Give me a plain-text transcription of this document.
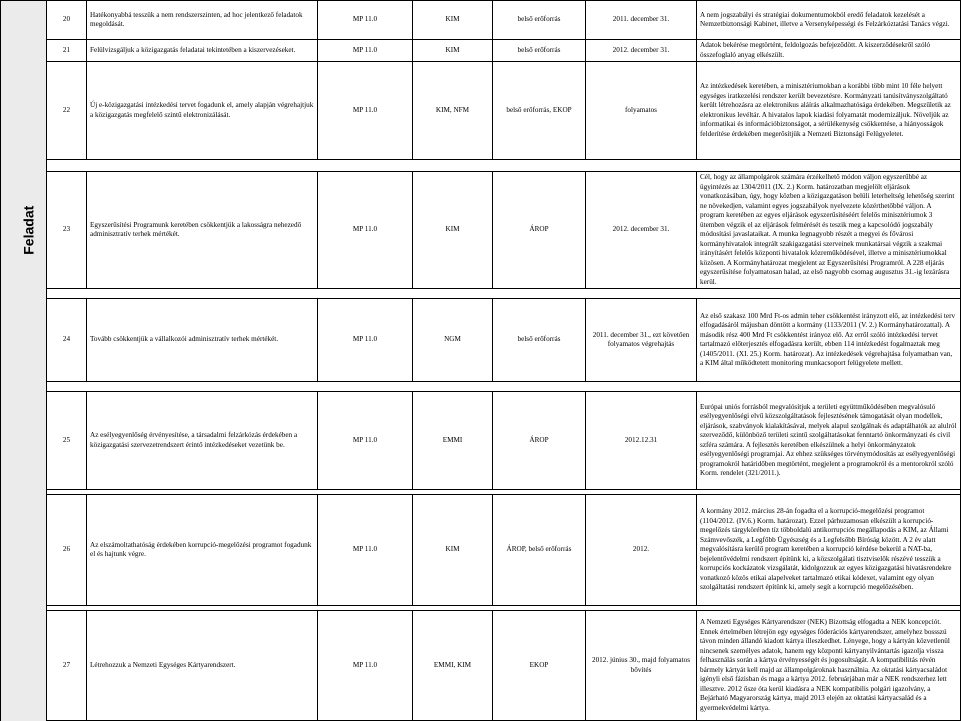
	20	Hatékonyabbá tesszük a nem rendszerszinten, ad hoc jelentkező feladatok megoldását.	MP 11.0	KIM	belső erőforrás	2011. december 31.	A nem jogszabályi és stratégiai dokumentumokból eredő feladatok kezelését a Nemzetbiztonsági Kabinet, illetve a Versenyképességi és Felzárkóztatási Tanács végzi.
	21	Felülvizsgáljuk a közigazgatás feladatai tekintetében a kiszervezéseket.	MP 11.0	KIM	belső erőforrás	2012. december 31.	Adatok bekérése megtörtént, feldolgozás befejeződött. A kiszerződésekről szóló összefoglaló anyag elkészült.
	22	Új e-közigazgatási intézkedési tervet fogadunk el, amely alapján végrehajtjuk a közigazgatás megfelelő szintű elektronizálását.	MP 11.0	KIM, NFM	belső erőforrás, EKOP	folyamatos	Az intézkedések keretében, a minisztériumokban a korábbi több mint 10 féle helyett egységes iratkezelési rendszer került bevezetésre. Kormányzati tanúsítványszolgáltató került létrehozásra az elektronikus aláírás alkalmazhatósága érdekében. Megszűletik az elektronikus levéltár. A hivatalos lapok kiadási folyamatát modernizáljuk. Növeljük az informatikai és információbiztonságot, a sérülékenység csökkentése, a hiányosságok felderítése érdekében megerősítjük a Nemzeti Biztonsági Felügyeletet.

Feladat	23	Egyszerűsítési Programunk keretében csökkentjük a lakosságra nehezedő adminisztratív terhek mértékét.	MP 11.0	KIM	ÁROP	2012. december 31.	Cél, hogy az állampolgárok számára érzékelhető módon váljon egyszerűbbé az ügyintézés az 1304/2011 (IX. 2.) Korm. határozatban megjelölt eljárások vonatkozásában, úgy, hogy közben a közigazgatáson belüli leterheltség lehetőség szerint ne növekedjen, valamint egyes jogszabályok nyelvezete közérthetőbbé váljon. A program keretében az egyes eljárások egyszerűsítéséért felelős minisztériumok 3 ütemben végzik el az eljárások felmérését és teszik meg a kapcsolódó jogszabály módosítási javaslataikat. A munka legnagyobb részét a megyei és fővárosi kormányhivatalok integrált szakigazgatási szerveinek munkatársai végzik a szakmai irányításért felelős központi hivatalok közreműködésével, illetve a minisztériumokkal közösen. A Kormányhatározat megjelent az Egyszerűsítési Programról. A 228 eljárás egyszerűsítése folyamatosan halad, az első nagyobb csomag augusztus 31.-ig lezárásra kerül.

	24	Tovább csökkentjük a vállalkozói adminisztratív terhek mértékét.	MP 11.0	NGM	belső erőforrás	2011. december 31., ezt követően folyamatos végrehajtás	Az első szakasz 100 Mrd Ft-os admin teher csökkentést irányzott elő, az intézkedési terv elfogadásáról májusban döntött a kormány (1133/2011 (V. 2.) Kormányhatározattal). A második rész 400 Mrd Ft csökkentést irányoz elő. Az erről szóló intézkedési tervet tartalmazó előterjesztés elfogadásra került, ebben 114 intézkedést fogalmaztak meg (1405/2011. (XI. 25.) Korm. határozat). Az intézkedések végrehajtása folyamatban van, a KIM által működtetett monitoring munkacsoport felügyelete mellett.

	25	Az esélyegyenlőség érvényesítése, a társadalmi felzárkózás érdekében a közigazgatási szervezetrendszert érintő intézkedéseket vezetünk be.	MP 11.0	EMMI	ÁROP	2012.12.31	Európai uniós forrásból megvalósítjuk a területi együttműködésében megvalósuló esélyegyenlőségi elvű közszolgáltatások fejlesztésének támogatását olyan modellek, eljárások, szabványok kialakításával, melyek alapul szolgálnak és adaptálhatók az alulról szerveződő, különböző területi szintű szolgáltatásokat fenntartó önkormányzati és civil szféra számára. A fejlesztés keretében elkészülnek a helyi önkormányzatok esélyegyenlőségi programjai. Az ehhez szükséges törvénymódosítás az esélyegyenlőségi programokról határidőben megtörtént, megjelent a programokról és a mentorokról szóló Korm. rendelet (321/2011.).

	26	Az elszámoltathatóság érdekében korrupció-megelőzési programot fogadunk el és hajtunk végre.	MP 11.0	KIM	ÁROP, belső erőforrás	2012.	A kormány 2012. március 28-án fogadta el a korrupció-megelőzési programot (1104/2012. (IV.6.) Korm. határozat). Ezzel párhuzamosan elkészült a korrupció-megelőzés tárgykörében tíz többoldalú antikorrupciós megállapodás a KIM, az Állami Számvevőszék, a Legfőbb Ügyészség és a Legfelsőbb Bíróság között. A 2 év alatt megvalósításra kerülő program keretében a korrupció kérdése bekerül a NAT-ba, bejelentővédelmi rendszert építünk ki, a közszolgálati tisztviselők részévé tesszük a korrupciós kockázatok vizsgálatát, kidolgozzuk az egyes közigazgatási hivatásrendekre vonatkozó közös etikai alapelveket tartalmazó etikai kódexet, valamint egy olyan szolgáltatási rendszert építünk ki, amely segít a korrupció megelőzésében.

	27	Létrehozzuk a Nemzeti Egységes Kártyarendszert.	MP 11.0	EMMI, KIM	EKOP	2012. június 30., majd folyamatos bővítés	A Nemzeti Egységes Kártyarendszer (NEK) Bizottság elfogadta a NEK koncepciót. Ennek értelmében létrejön egy egységes föderációs kártyarendszer, amelyhez bossszú távon minden állandó kiadott kártya illeszkedhet. Lényege, hogy a kártyán közvetlenül nincsenek személyes adatok, hanem egy központi kártyanyilvántartás igazolja vissza felhasználás során a kártya érvényességét és jogosultságát. A kompatibilitás révén bármely kártyát kell majd az állampolgároknak használnia. Az oktatási kártyacsaládot igényli első fázisban és maga a kártya 2012. februárjában már a NEK rendszerhez lett illesztve. 2012 ősze óta kerül kiadásra a NEK kompatibilis polgári igazolvány, a Bejárható Magyarország kártya, majd 2013 elején az oktatási kártyacsalád és a gyermekvédelmi kártya.
